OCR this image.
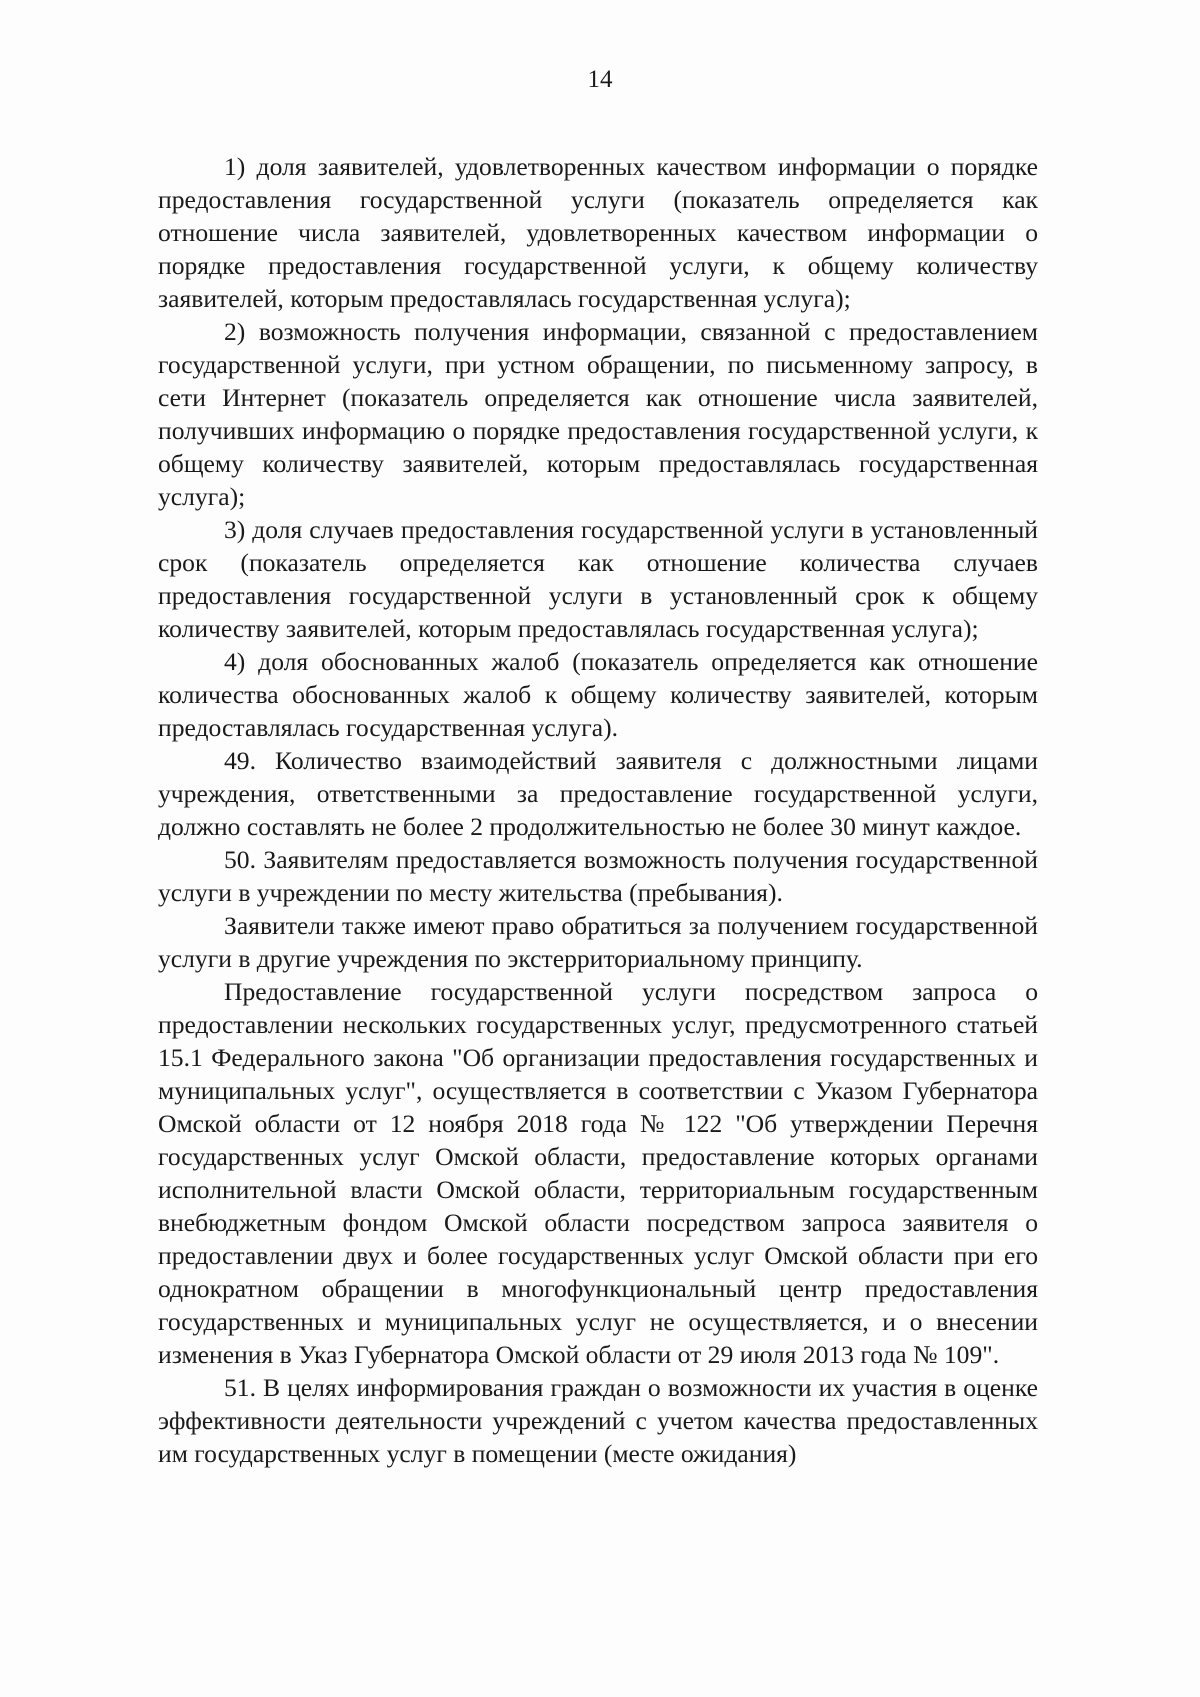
14

1) доля заявителей, удовлетворенных качеством информации о порядке предоставления государственной услуги (показатель определяется как отношение числа заявителей, удовлетворенных качеством информации о порядке предоставления государственной услуги, к общему количеству заявителей, которым предоставлялась государственная услуга);

2) возможность получения информации, связанной с предоставлением государственной услуги, при устном обращении, по письменному запросу, в сети Интернет (показатель определяется как отношение числа заявителей, получивших информацию о порядке предоставления государственной услуги, к общему количеству заявителей, которым предоставлялась государственная услуга);

3) доля случаев предоставления государственной услуги в установленный срок (показатель определяется как отношение количества случаев предоставления государственной услуги в установленный срок к общему количеству заявителей, которым предоставлялась государственная услуга);

4) доля обоснованных жалоб (показатель определяется как отношение количества обоснованных жалоб к общему количеству заявителей, которым предоставлялась государственная услуга).

49. Количество взаимодействий заявителя с должностными лицами учреждения, ответственными за предоставление государственной услуги, должно составлять не более 2 продолжительностью не более 30 минут каждое.

50. Заявителям предоставляется возможность получения государственной услуги в учреждении по месту жительства (пребывания).

Заявители также имеют право обратиться за получением государственной услуги в другие учреждения по экстерриториальному принципу.

Предоставление государственной услуги посредством запроса о предоставлении нескольких государственных услуг, предусмотренного статьей 15.1 Федерального закона "Об организации предоставления государственных и муниципальных услуг", осуществляется в соответствии с Указом Губернатора Омской области от 12 ноября 2018 года № 122 "Об утверждении Перечня государственных услуг Омской области, предоставление которых органами исполнительной власти Омской области, территориальным государственным внебюджетным фондом Омской области посредством запроса заявителя о предоставлении двух и более государственных услуг Омской области при его однократном обращении в многофункциональный центр предоставления государственных и муниципальных услуг не осуществляется, и о внесении изменения в Указ Губернатора Омской области от 29 июля 2013 года № 109".

51. В целях информирования граждан о возможности их участия в оценке эффективности деятельности учреждений с учетом качества предоставленных им государственных услуг в помещении (месте ожидания)
